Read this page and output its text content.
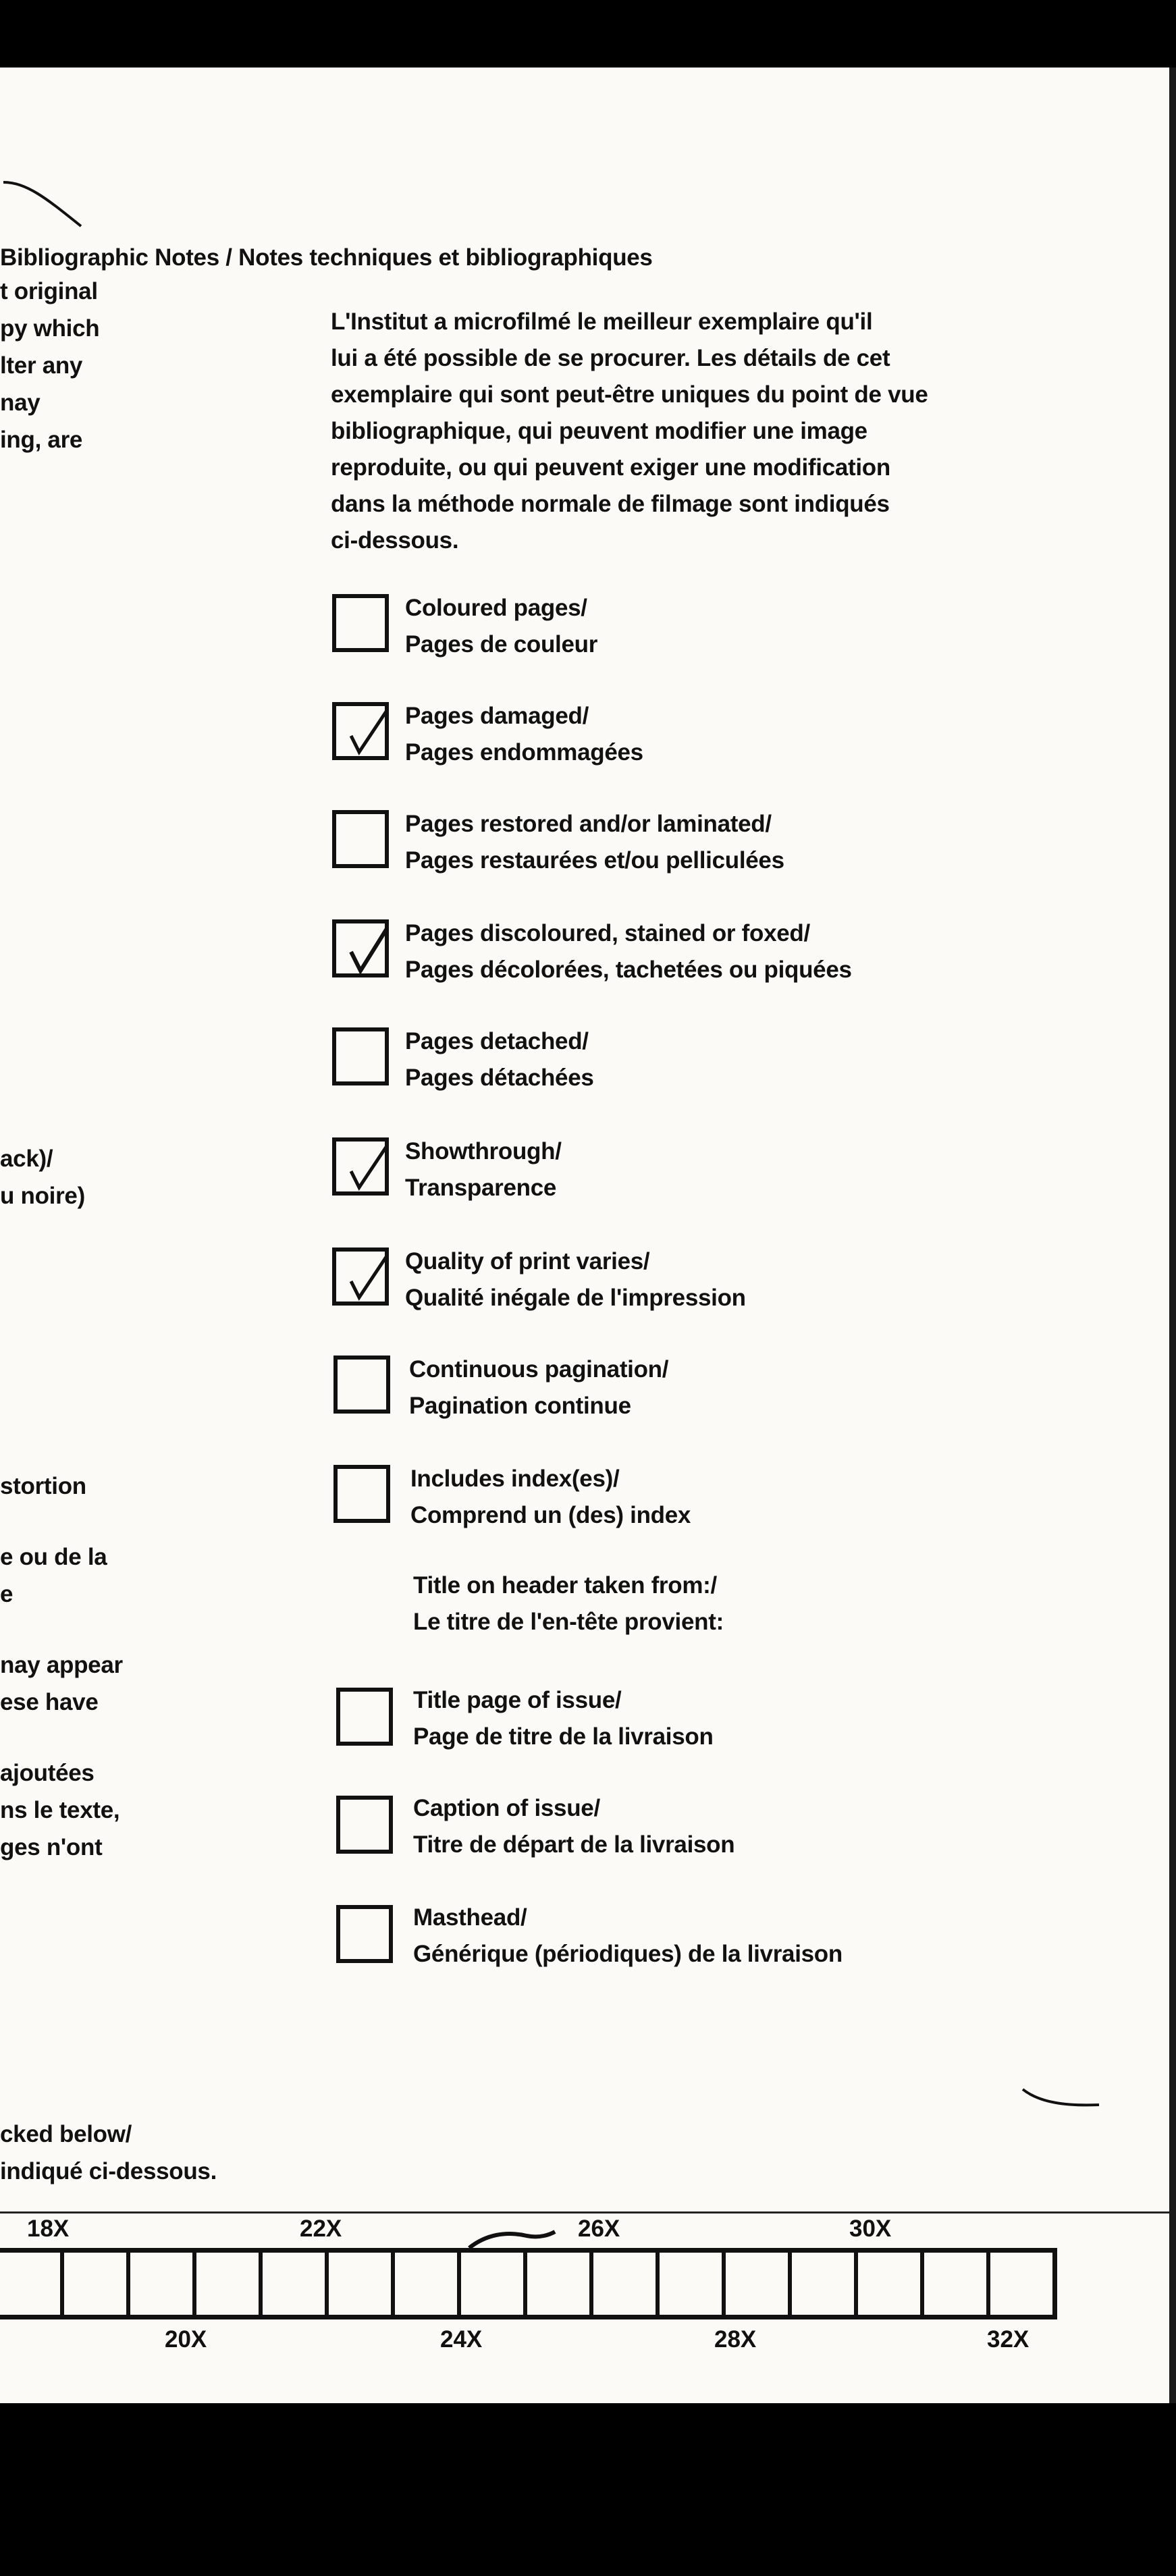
Bibliographic Notes / Notes techniques et bibliographiques
t original
py which
lter any
nay
ing, are
ack)/
u noire)
stortion
e ou de la
e
nay appear
ese have
ajoutées
ns le texte,
ges n'ont
cked below/
indiqué ci-dessous.
L'Institut a microfilmé le meilleur exemplaire qu'il
lui a été possible de se procurer. Les détails de cet
exemplaire qui sont peut-être uniques du point de vue
bibliographique, qui peuvent modifier une image
reproduite, ou qui peuvent exiger une modification
dans la méthode normale de filmage sont indiqués
ci-dessous.
Coloured pages/
Pages de couleur
Pages damaged/
Pages endommagées
Pages restored and/or laminated/
Pages restaurées et/ou pelliculées
Pages discoloured, stained or foxed/
Pages décolorées, tachetées ou piquées
Pages detached/
Pages détachées
Showthrough/
Transparence
Quality of print varies/
Qualité inégale de l'impression
Continuous pagination/
Pagination continue
Includes index(es)/
Comprend un (des) index
Title on header taken from:/
Le titre de l'en-tête provient:
Title page of issue/
Page de titre de la livraison
Caption of issue/
Titre de départ de la livraison
Masthead/
Générique (périodiques) de la livraison
18X	22X	26X	30X
20X	24X	28X	32X
